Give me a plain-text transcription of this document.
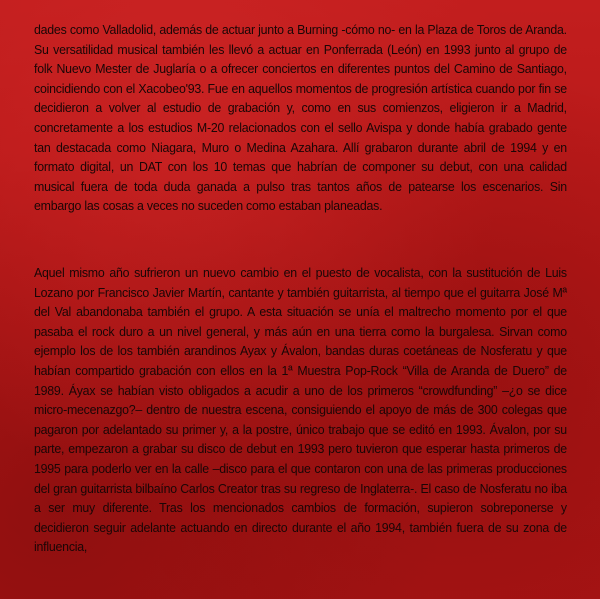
dades como Valladolid, además de actuar junto a Burning -cómo no- en la Plaza de Toros de Aranda. Su versatilidad musical también les llevó a actuar en Ponferrada (León) en 1993 junto al grupo de folk Nuevo Mester de Juglaría o a ofrecer conciertos en diferentes puntos del Camino de Santiago, coincidiendo con el Xacobeo'93. Fue en aquellos momentos de progresión artística cuando por fin se decidieron a volver al estudio de grabación y, como en sus comienzos, eligieron ir a Madrid, concretamente a los estudios M-20 relacionados con el sello Avispa y donde había grabado gente tan destacada como Niagara, Muro o Medina Azahara. Allí grabaron durante abril de 1994 y en formato digital, un DAT con los 10 temas que habrían de componer su debut, con una calidad musical fuera de toda duda ganada a pulso tras tantos años de patearse los escenarios. Sin embargo las cosas a veces no suceden como estaban planeadas.

Aquel mismo año sufrieron un nuevo cambio en el puesto de vocalista, con la sustitución de Luis Lozano por Francisco Javier Martín, cantante y también guitarrista, al tiempo que el guitarra José Mª del Val abandonaba también el grupo. A esta situación se unía el maltrecho momento por el que pasaba el rock duro a un nivel general, y más aún en una tierra como la burgalesa. Sirvan como ejemplo los de los también arandinos Ayax y Ávalon, bandas duras coetáneas de Nosferatu y que habían compartido grabación con ellos en la 1ª Muestra Pop-Rock “Villa de Aranda de Duero” de 1989. Áyax se habían visto obligados a acudir a uno de los primeros “crowdfunding” –¿o se dice micro-mecenazgo?– dentro de nuestra escena, consiguiendo el apoyo de más de 300 colegas que pagaron por adelantado su primer y, a la postre, único trabajo que se editó en 1993. Ávalon, por su parte, empezaron a grabar su disco de debut en 1993 pero tuvieron que esperar hasta primeros de 1995 para poderlo ver en la calle –disco para el que contaron con una de las primeras producciones del gran guitarrista bilbaíno Carlos Creator tras su regreso de Inglaterra-. El caso de Nosferatu no iba a ser muy diferente. Tras los mencionados cambios de formación, supieron sobreponerse y decidieron seguir adelante actuando en directo durante el año 1994, también fuera de su zona de influencia,
